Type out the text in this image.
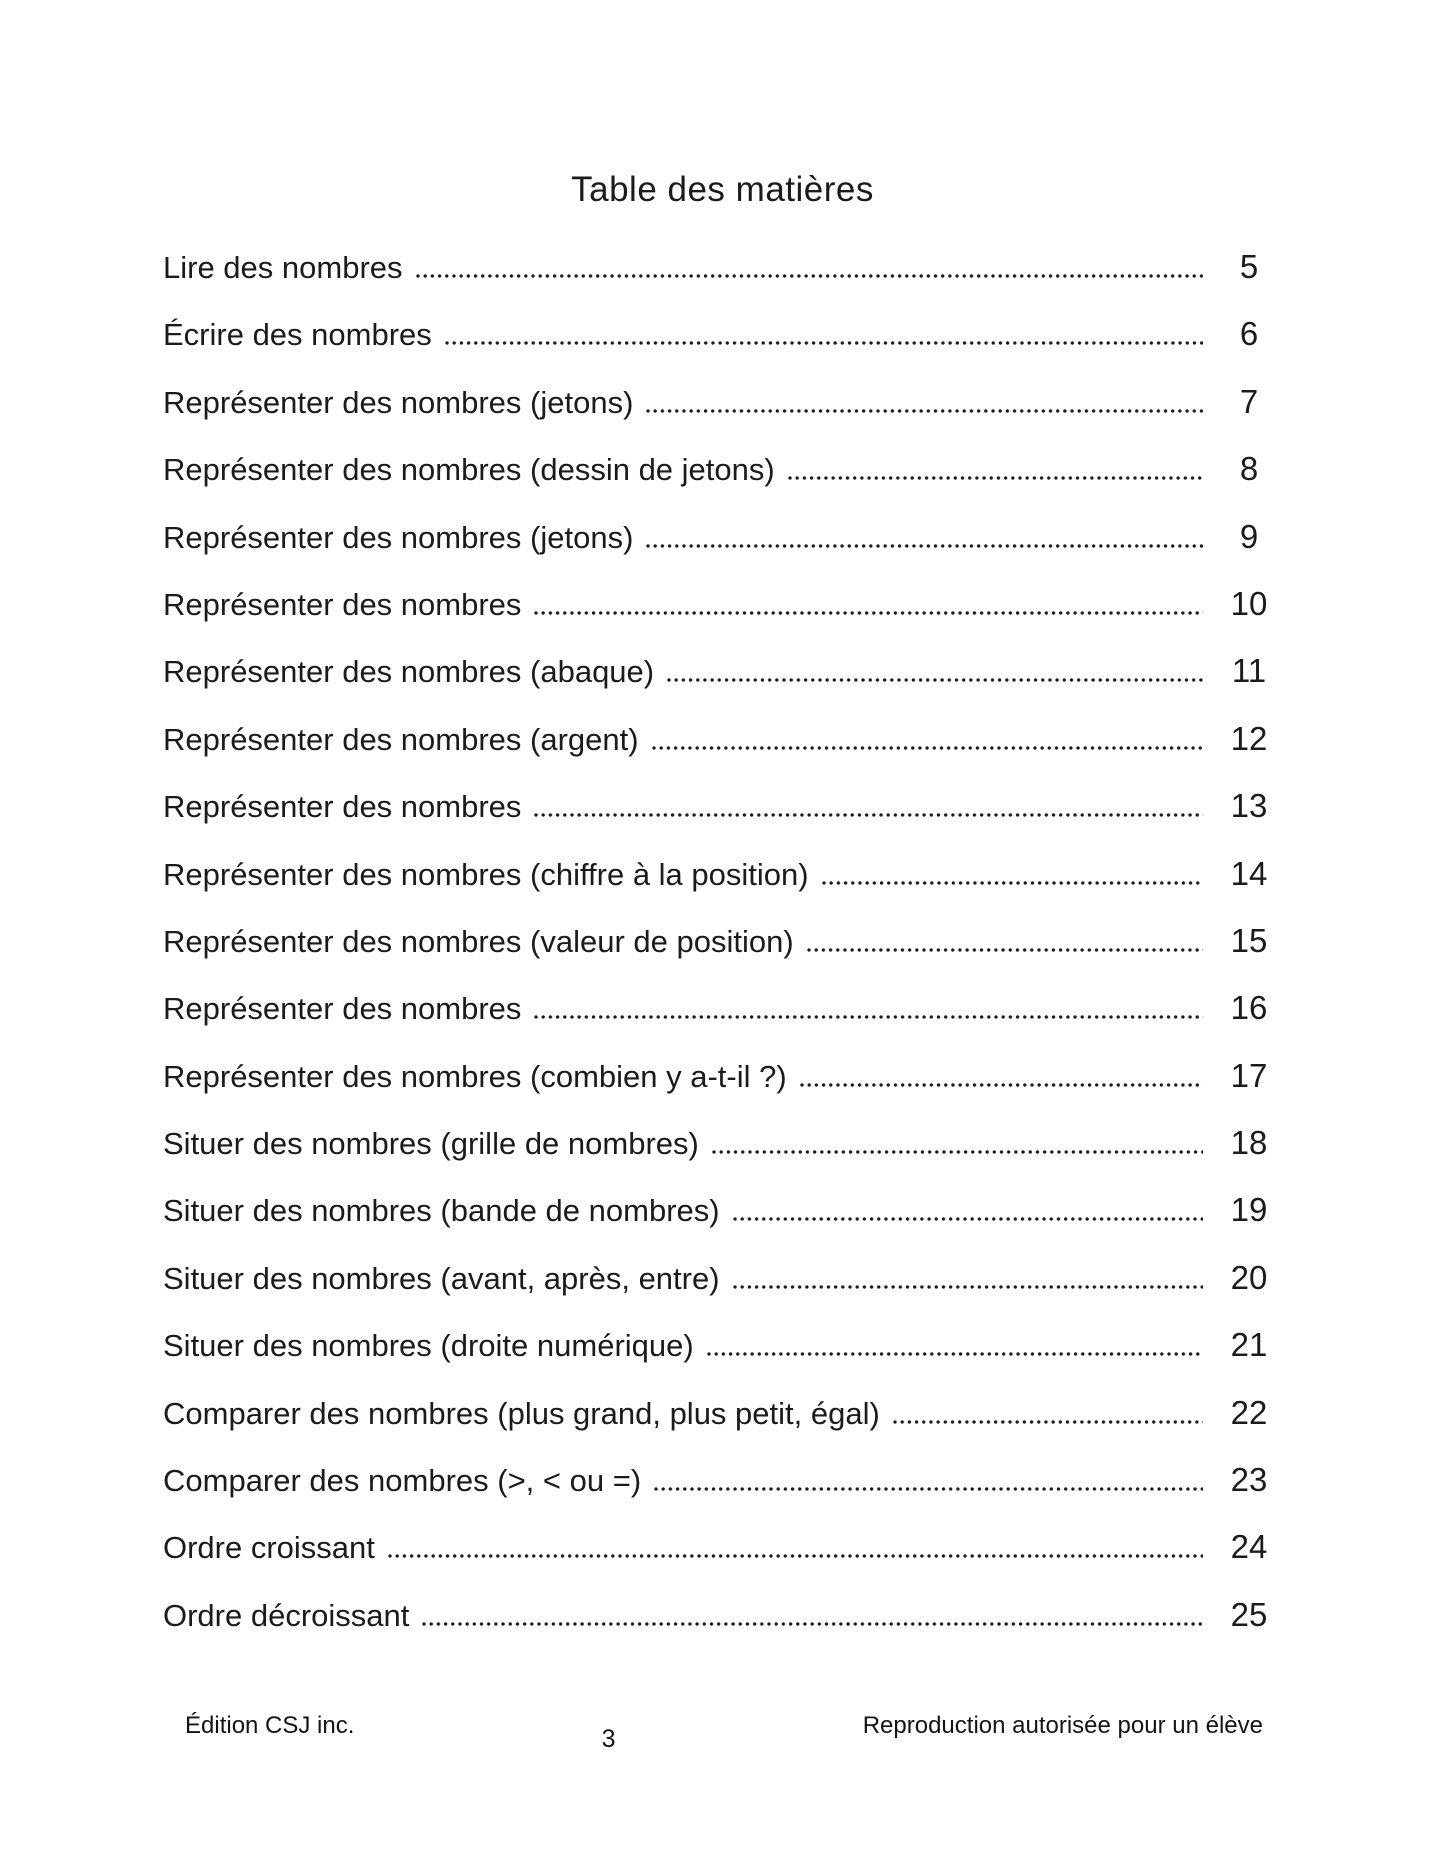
Table des matières
Lire des nombres	5
Écrire des nombres	6
Représenter des nombres (jetons)	7
Représenter des nombres (dessin de jetons)	8
Représenter des nombres (jetons)	9
Représenter des nombres	10
Représenter des nombres (abaque)	11
Représenter des nombres (argent)	12
Représenter des nombres	13
Représenter des nombres (chiffre à la position)	14
Représenter des nombres (valeur de position)	15
Représenter des nombres	16
Représenter des nombres (combien y a-t-il ?)	17
Situer des nombres (grille de nombres)	18
Situer des nombres (bande de nombres)	19
Situer des nombres (avant, après, entre)	20
Situer des nombres (droite numérique)	21
Comparer des nombres (plus grand, plus petit, égal)	22
Comparer des nombres (>, < ou =)	23
Ordre croissant	24
Ordre décroissant	25
Édition CSJ inc.	3	Reproduction autorisée pour un élève
